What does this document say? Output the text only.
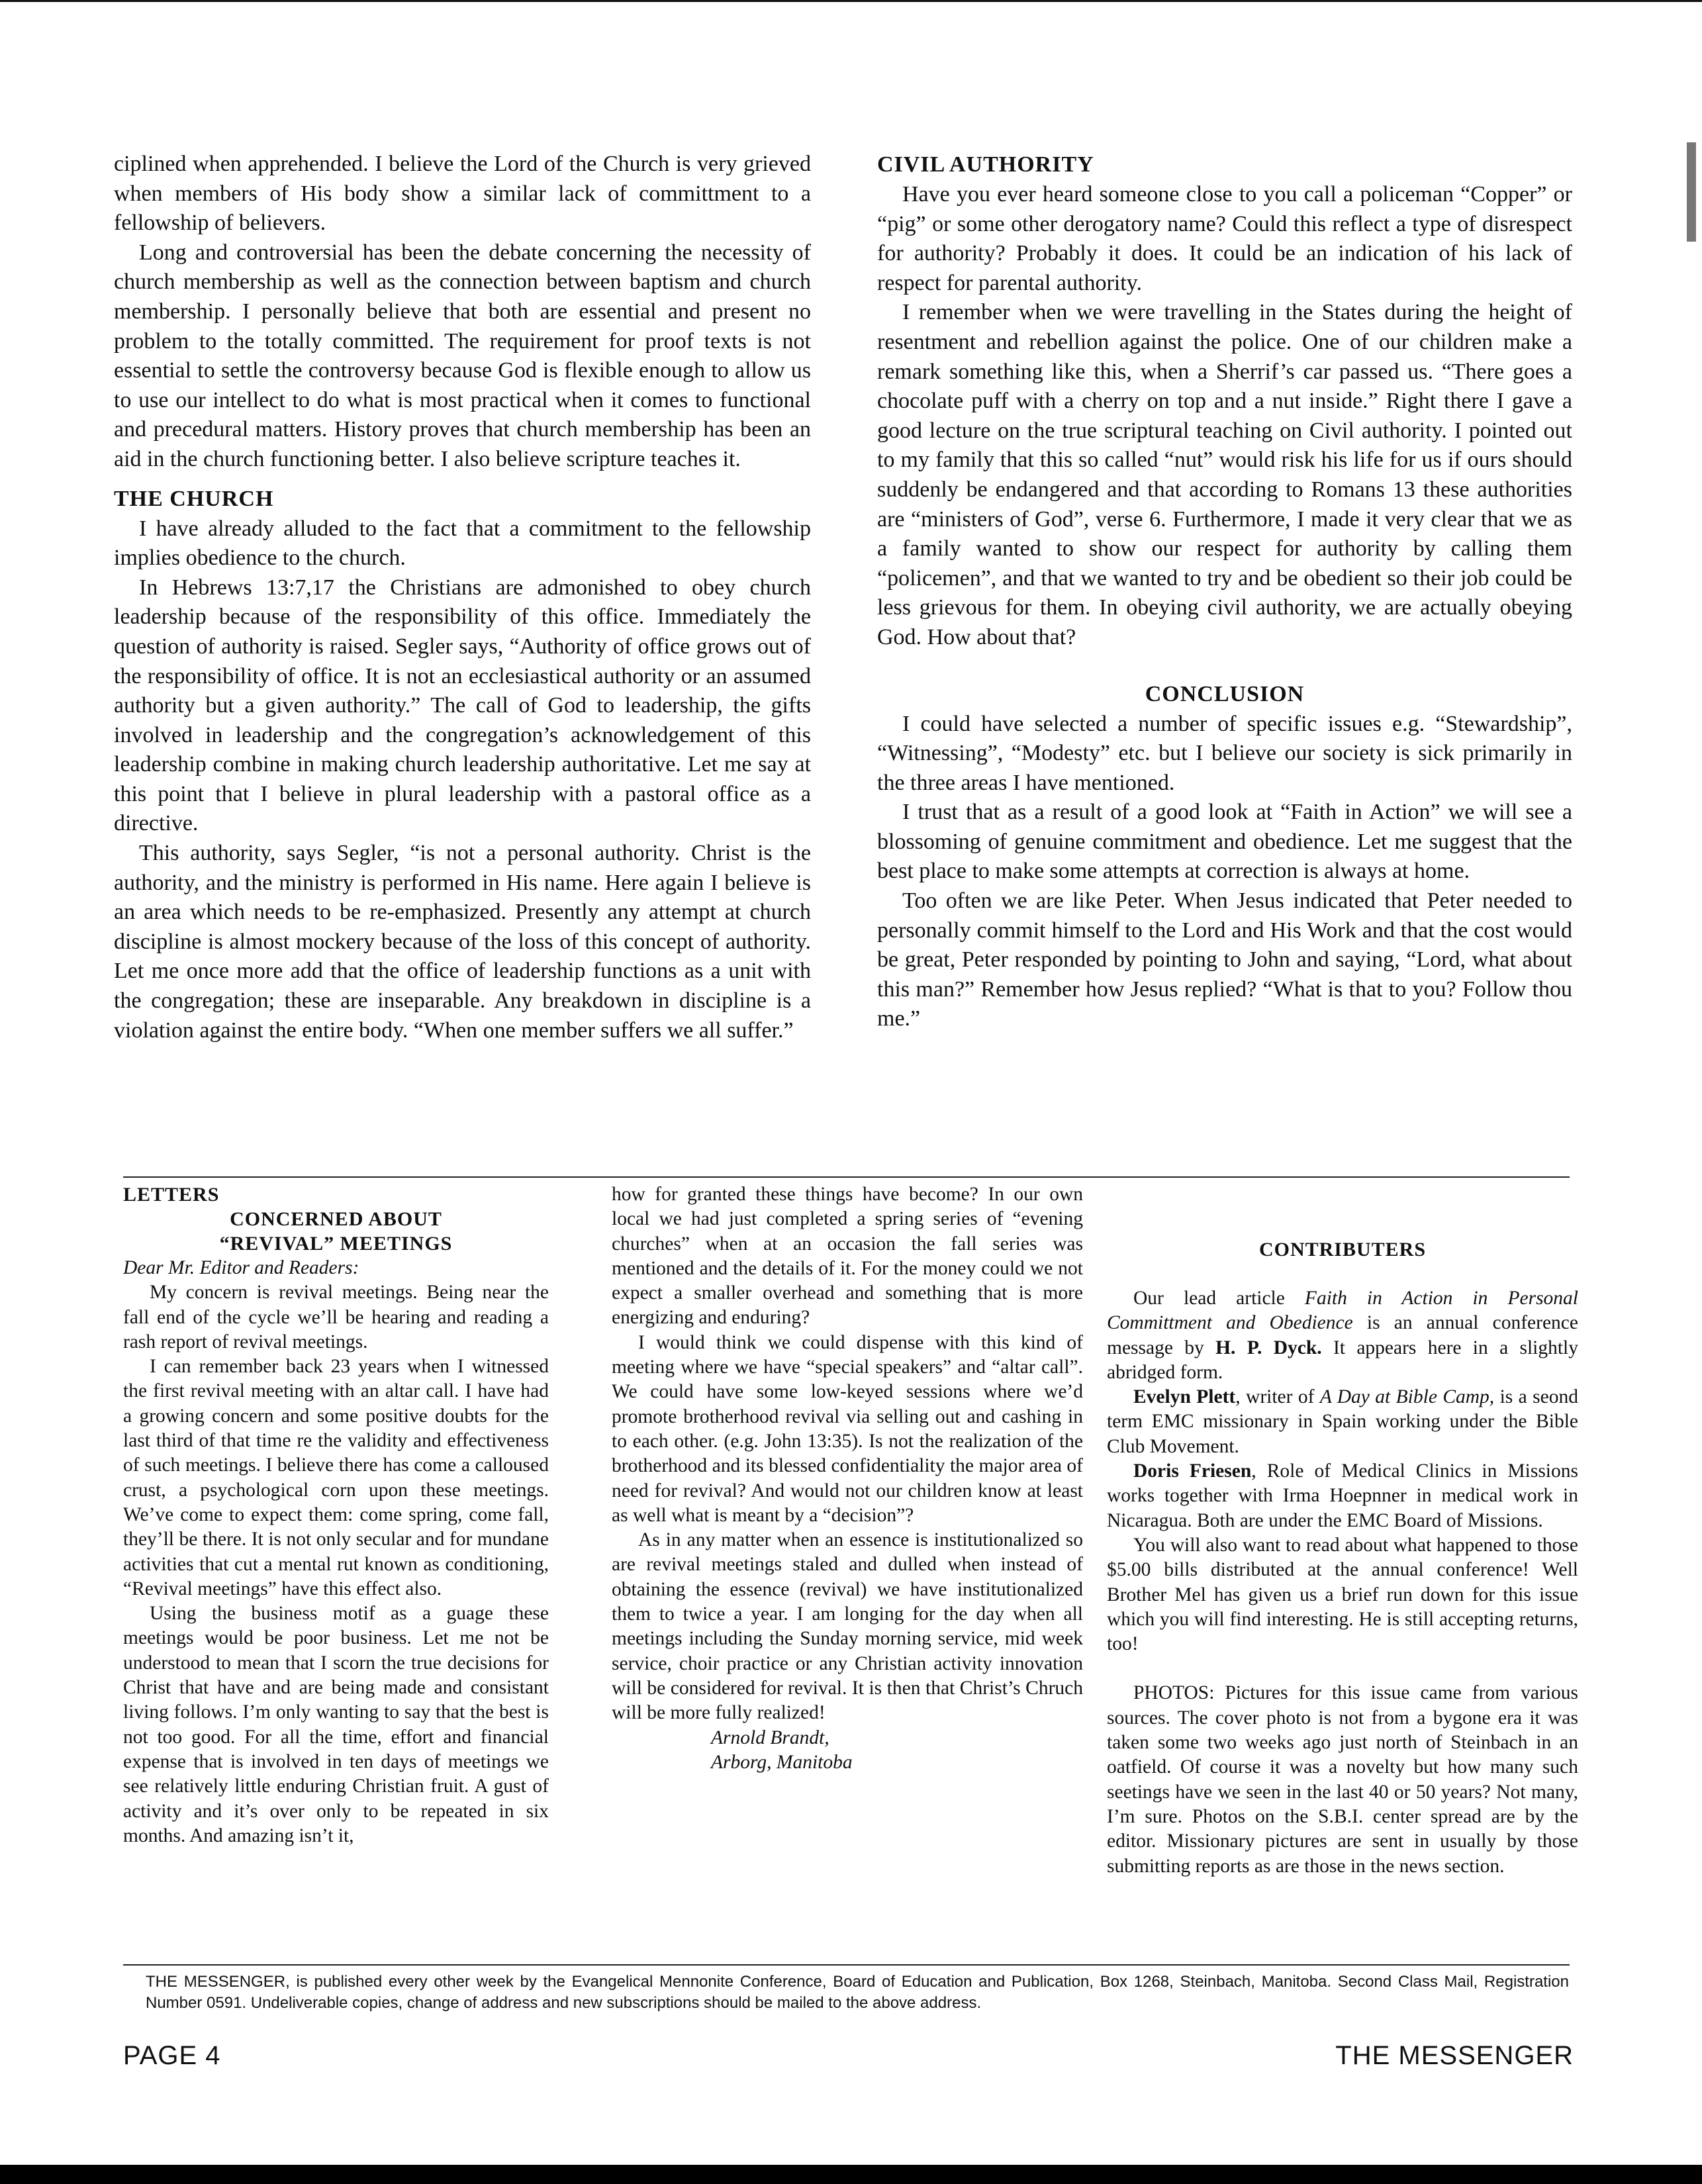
ciplined when apprehended. I believe the Lord of the Church is very grieved when members of His body show a similar lack of committment to a fellowship of believers.

Long and controversial has been the debate concerning the necessity of church membership as well as the connection between baptism and church membership. I personally believe that both are essential and present no problem to the totally committed. The requirement for proof texts is not essential to settle the controversy because God is flexible enough to allow us to use our intellect to do what is most practical when it comes to functional and precedural matters. History proves that church membership has been an aid in the church functioning better. I also believe scripture teaches it.

THE CHURCH

I have already alluded to the fact that a commitment to the fellowship implies obedience to the church.

In Hebrews 13:7,17 the Christians are admonished to obey church leadership because of the responsibility of this office. Immediately the question of authority is raised. Segler says, “Authority of office grows out of the responsibility of office. It is not an ecclesiastical authority or an assumed authority but a given authority.” The call of God to leadership, the gifts involved in leadership and the congregation’s acknowledgement of this leadership combine in making church leadership authoritative. Let me say at this point that I believe in plural leadership with a pastoral office as a directive.

This authority, says Segler, “is not a personal authority. Christ is the authority, and the ministry is performed in His name. Here again I believe is an area which needs to be re-emphasized. Presently any attempt at church discipline is almost mockery because of the loss of this concept of authority. Let me once more add that the office of leadership functions as a unit with the congregation; these are inseparable. Any breakdown in discipline is a violation against the entire body. “When one member suffers we all suffer.”

CIVIL AUTHORITY

Have you ever heard someone close to you call a policeman “Copper” or “pig” or some other derogatory name? Could this reflect a type of disrespect for authority? Probably it does. It could be an indication of his lack of respect for parental authority.

I remember when we were travelling in the States during the height of resentment and rebellion against the police. One of our children make a remark something like this, when a Sherrif’s car passed us. “There goes a chocolate puff with a cherry on top and a nut inside.” Right there I gave a good lecture on the true scriptural teaching on Civil authority. I pointed out to my family that this so called “nut” would risk his life for us if ours should suddenly be endangered and that according to Romans 13 these authorities are “ministers of God”, verse 6. Furthermore, I made it very clear that we as a family wanted to show our respect for authority by calling them “policemen”, and that we wanted to try and be obedient so their job could be less grievous for them. In obeying civil authority, we are actually obeying God. How about that?

CONCLUSION

I could have selected a number of specific issues e.g. “Stewardship”, “Witnessing”, “Modesty” etc. but I believe our society is sick primarily in the three areas I have mentioned.

I trust that as a result of a good look at “Faith in Action” we will see a blossoming of genuine commitment and obedience. Let me suggest that the best place to make some attempts at correction is always at home.

Too often we are like Peter. When Jesus indicated that Peter needed to personally commit himself to the Lord and His Work and that the cost would be great, Peter responded by pointing to John and saying, “Lord, what about this man?” Remember how Jesus replied? “What is that to you? Follow thou me.”

LETTERS
CONCERNED ABOUT
“REVIVAL” MEETINGS

Dear Mr. Editor and Readers:

My concern is revival meetings. Being near the fall end of the cycle we’ll be hearing and reading a rash report of revival meetings.

I can remember back 23 years when I witnessed the first revival meeting with an altar call. I have had a growing concern and some positive doubts for the last third of that time re the validity and effectiveness of such meetings. I believe there has come a calloused crust, a psychological corn upon these meetings. We’ve come to expect them: come spring, come fall, they’ll be there. It is not only secular and for mundane activities that cut a mental rut known as conditioning, “Revival meetings” have this effect also.

Using the business motif as a guage these meetings would be poor business. Let me not be understood to mean that I scorn the true decisions for Christ that have and are being made and consistant living follows. I’m only wanting to say that the best is not too good. For all the time, effort and financial expense that is involved in ten days of meetings we see relatively little enduring Christian fruit. A gust of activity and it’s over only to be repeated in six months. And amazing isn’t it,

how for granted these things have become? In our own local we had just completed a spring series of “evening churches” when at an occasion the fall series was mentioned and the details of it. For the money could we not expect a smaller overhead and something that is more energizing and enduring?

I would think we could dispense with this kind of meeting where we have “special speakers” and “altar call”. We could have some low-keyed sessions where we’d promote brotherhood revival via selling out and cashing in to each other. (e.g. John 13:35). Is not the realization of the brotherhood and its blessed confidentiality the major area of need for revival? And would not our children know at least as well what is meant by a “decision”?

As in any matter when an essence is institutionalized so are revival meetings staled and dulled when instead of obtaining the essence (revival) we have institutionalized them to twice a year. I am longing for the day when all meetings including the Sunday morning service, mid week service, choir practice or any Christian activity innovation will be considered for revival. It is then that Christ’s Chruch will be more fully realized!

Arnold Brandt,

Arborg, Manitoba

CONTRIBUTERS

Our lead article Faith in Action in Personal Committment and Obedience is an annual conference message by H. P. Dyck. It appears here in a slightly abridged form.

Evelyn Plett, writer of A Day at Bible Camp, is a seond term EMC missionary in Spain working under the Bible Club Movement.

Doris Friesen, Role of Medical Clinics in Missions works together with Irma Hoepnner in medical work in Nicaragua. Both are under the EMC Board of Missions.

You will also want to read about what happened to those $5.00 bills distributed at the annual conference! Well Brother Mel has given us a brief run down for this issue which you will find interesting. He is still accepting returns, too!

PHOTOS: Pictures for this issue came from various sources. The cover photo is not from a bygone era it was taken some two weeks ago just north of Steinbach in an oatfield. Of course it was a novelty but how many such seetings have we seen in the last 40 or 50 years? Not many, I’m sure. Photos on the S.B.I. center spread are by the editor. Missionary pictures are sent in usually by those submitting reports as are those in the news section.

THE MESSENGER, is published every other week by the Evangelical Mennonite Conference, Board of Education and Publication, Box 1268, Steinbach, Manitoba. Second Class Mail, Registration Number 0591. Undeliverable copies, change of address and new subscriptions should be mailed to the above address.
PAGE 4	THE MESSENGER
